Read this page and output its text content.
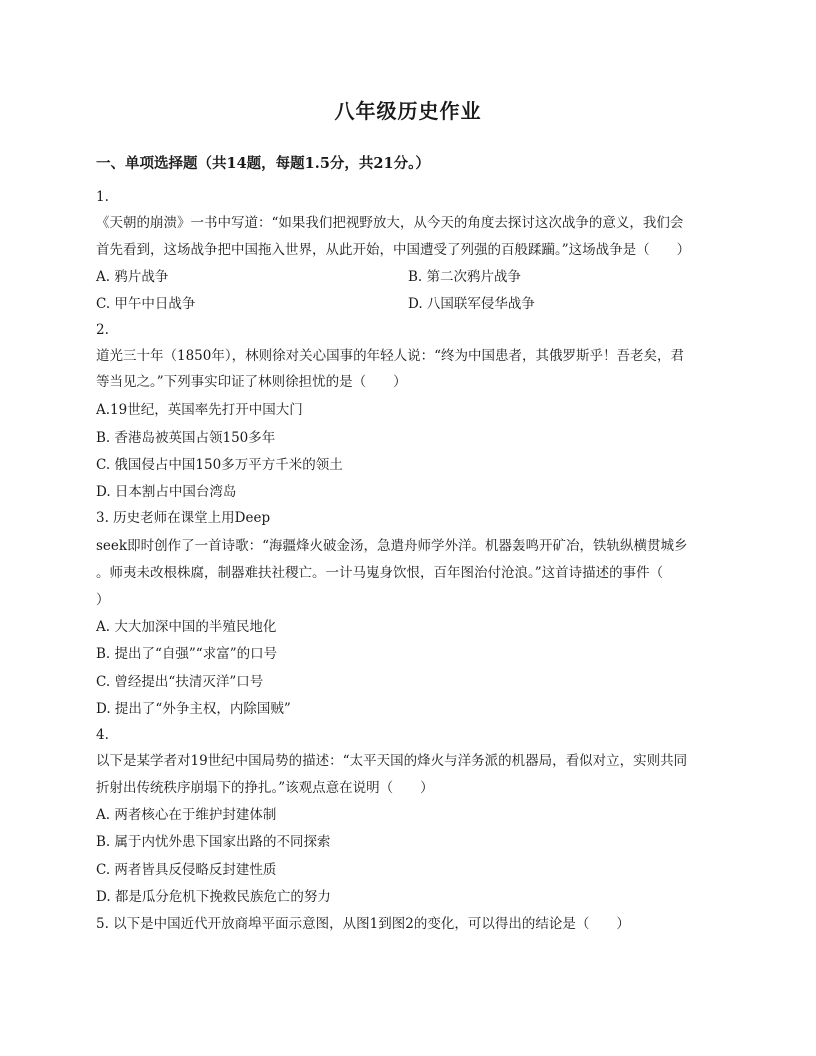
八年级历史作业
一、单项选择题（共14题，每题1.5分，共21分。）
1.
《天朝的崩溃》一书中写道：“如果我们把视野放大，从今天的角度去探讨这次战争的意义，我们会
首先看到，这场战争把中国拖入世界，从此开始，中国遭受了列强的百般蹂躏。”这场战争是（　　）
A. 鸦片战争	B. 第二次鸦片战争
C. 甲午中日战争	D. 八国联军侵华战争
2.
道光三十年（1850年），林则徐对关心国事的年轻人说：“终为中国患者，其俄罗斯乎！吾老矣，君
等当见之。”下列事实印证了林则徐担忧的是（　　）
A.19世纪，英国率先打开中国大门
B. 香港岛被英国占领150多年
C. 俄国侵占中国150多万平方千米的领土
D. 日本割占中国台湾岛
3. 历史老师在课堂上用Deep
seek即时创作了一首诗歌：“海疆烽火破金汤，急遣舟师学外洋。机器轰鸣开矿冶，铁轨纵横贯城乡
。师夷未改根株腐，制器难扶社稷亡。一计马嵬身饮恨，百年图治付沧浪。”这首诗描述的事件（
）
A. 大大加深中国的半殖民地化
B. 提出了“自强”“求富”的口号
C. 曾经提出“扶清灭洋”口号
D. 提出了“外争主权，内除国贼”
4.
以下是某学者对19世纪中国局势的描述：“太平天国的烽火与洋务派的机器局，看似对立，实则共同
折射出传统秩序崩塌下的挣扎。”该观点意在说明（　　）
A. 两者核心在于维护封建体制
B. 属于内忧外患下国家出路的不同探索
C. 两者皆具反侵略反封建性质
D. 都是瓜分危机下挽救民族危亡的努力
5. 以下是中国近代开放商埠平面示意图，从图1到图2的变化，可以得出的结论是（　　）
